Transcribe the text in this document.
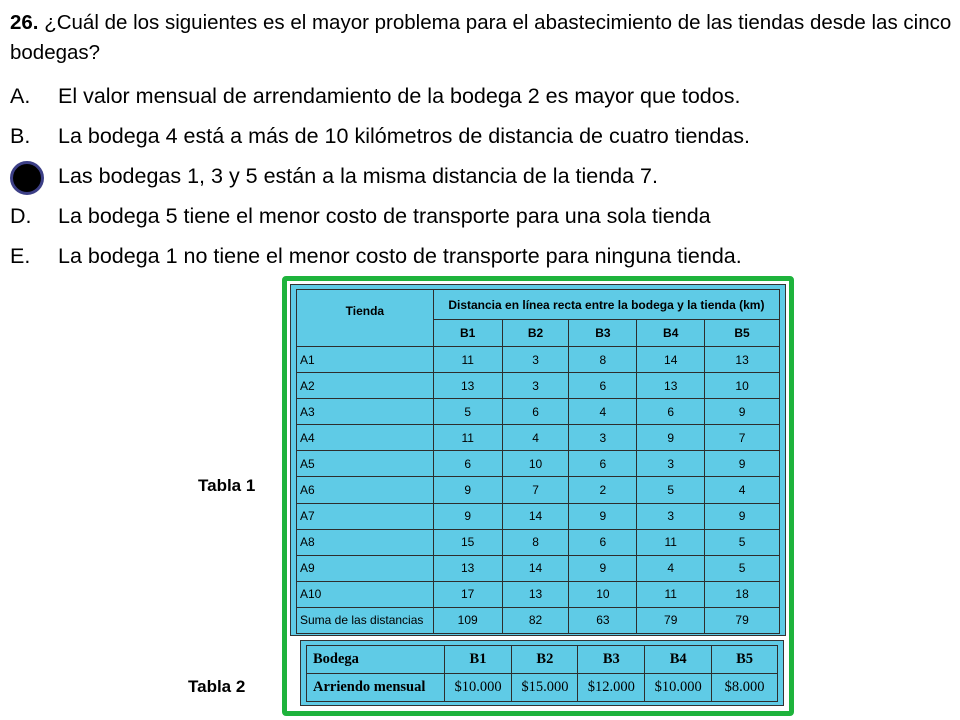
26. ¿Cuál de los siguientes es el mayor problema para el abastecimiento de las tiendas desde las cinco bodegas?
A. El valor mensual de arrendamiento de la bodega 2 es mayor que todos.
B. La bodega 4 está a más de 10 kilómetros de distancia de cuatro tiendas.
Las bodegas 1, 3 y 5 están a la misma distancia de la tienda 7.
D. La bodega 5 tiene el menor costo de transporte para una sola tienda
E. La bodega 1 no tiene el menor costo de transporte para ninguna tienda.
Tienda	Distancia en línea recta entre la bodega y la tienda (km)				
	B1	B2	B3	B4	B5
A1	11	3	8	14	13
A2	13	3	6	13	10
A3	5	6	4	6	9
A4	11	4	3	9	7
A5	6	10	6	3	9
A6	9	7	2	5	4
A7	9	14	9	3	9
A8	15	8	6	11	5
A9	13	14	9	4	5
A10	17	13	10	11	18
Suma de las distancias	109	82	63	79	79
Bodega	B1	B2	B3	B4	B5
Arriendo mensual	$10.000	$15.000	$12.000	$10.000	$8.000
Tabla 1
Tabla 2
